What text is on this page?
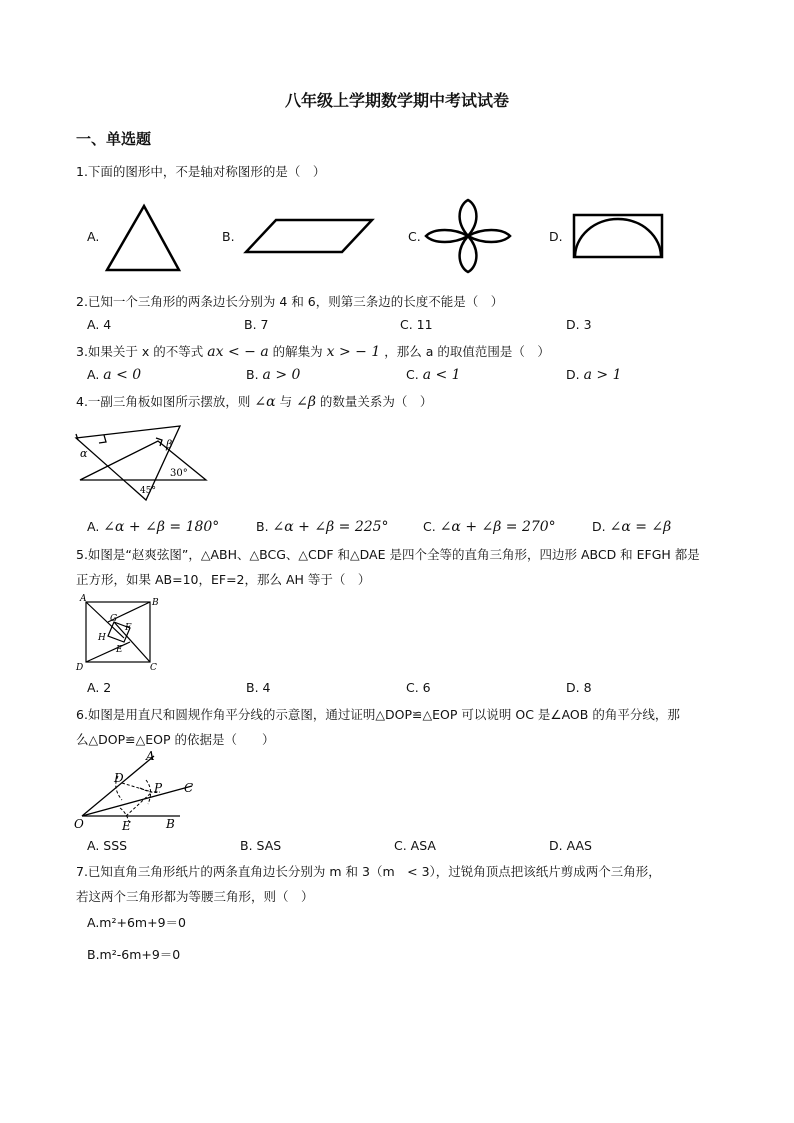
八年级上学期数学期中考试试卷
一、单选题
1.下面的图形中，不是轴对称图形的是（　）
A.	B.	C.	D.
2.已知一个三角形的两条边长分别为 4 和 6，则第三条边的长度不能是（　）
A. 4	B. 7	C. 11	D. 3
3.如果关于 x 的不等式 ax < − a 的解集为 x > − 1 ，那么 a 的取值范围是（　）
A. a < 0	B. a > 0	C. a < 1	D. a > 1
4.一副三角板如图所示摆放，则 ∠α 与 ∠β 的数量关系为（　）
α
β
30°
45°
A. ∠α + ∠β = 180°	B. ∠α + ∠β = 225°	C. ∠α + ∠β = 270°	D. ∠α = ∠β
5.如图是“赵爽弦图”，△ABH、△BCG、△CDF 和△DAE 是四个全等的直角三角形，四边形 ABCD 和 EFGH 都是
正方形，如果 AB=10，EF=2，那么 AH 等于（　）
A	B
C
D
G
F
H
E
A. 2	B. 4	C. 6	D. 8
6.如图是用直尺和圆规作角平分线的示意图，通过证明△DOP≌△EOP 可以说明 OC 是∠AOB 的角平分线，那
么△DOP≌△EOP 的依据是（　　）
D
A
P C
O	E	B
A. SSS	B. SAS	C. ASA	D. AAS
7.已知直角三角形纸片的两条直角边长分别为 m 和 3（m　< 3），过锐角顶点把该纸片剪成两个三角形，
若这两个三角形都为等腰三角形，则（　）
A.m²+6m+9＝0
B.m²-6m+9＝0
